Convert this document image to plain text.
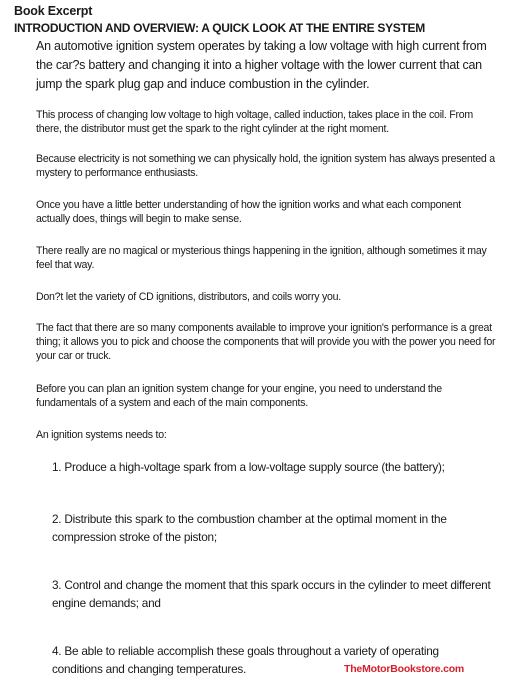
Book Excerpt
INTRODUCTION AND OVERVIEW: A QUICK LOOK AT THE ENTIRE SYSTEM
An automotive ignition system operates by taking a low voltage with high current from the car?s battery and changing it into a higher voltage with the lower current that can jump the spark plug gap and induce combustion in the cylinder.
This process of changing low voltage to high voltage, called induction, takes place in the coil. From there, the distributor must get the spark to the right cylinder at the right moment.
Because electricity is not something we can physically hold, the ignition system has always presented a mystery to performance enthusiasts.
Once you have a little better understanding of how the ignition works and what each component actually does, things will begin to make sense.
There really are no magical or mysterious things happening in the ignition, although sometimes it may feel that way.
Don?t let the variety of CD ignitions, distributors, and coils worry you.
The fact that there are so many components available to improve your ignition's performance is a great thing; it allows you to pick and choose the components that will provide you with the power you need for your car or truck.
Before you can plan an ignition system change for your engine, you need to understand the fundamentals of a system and each of the main components.
An ignition systems needs to:
1. Produce a high-voltage spark from a low-voltage supply source (the battery);
2. Distribute this spark to the combustion chamber at the optimal moment in the compression stroke of the piston;
3. Control and change the moment that this spark occurs in the cylinder to meet different engine demands; and
4. Be able to reliable accomplish these goals throughout a variety of operating conditions and changing temperatures.	TheMotorBookstore.com
